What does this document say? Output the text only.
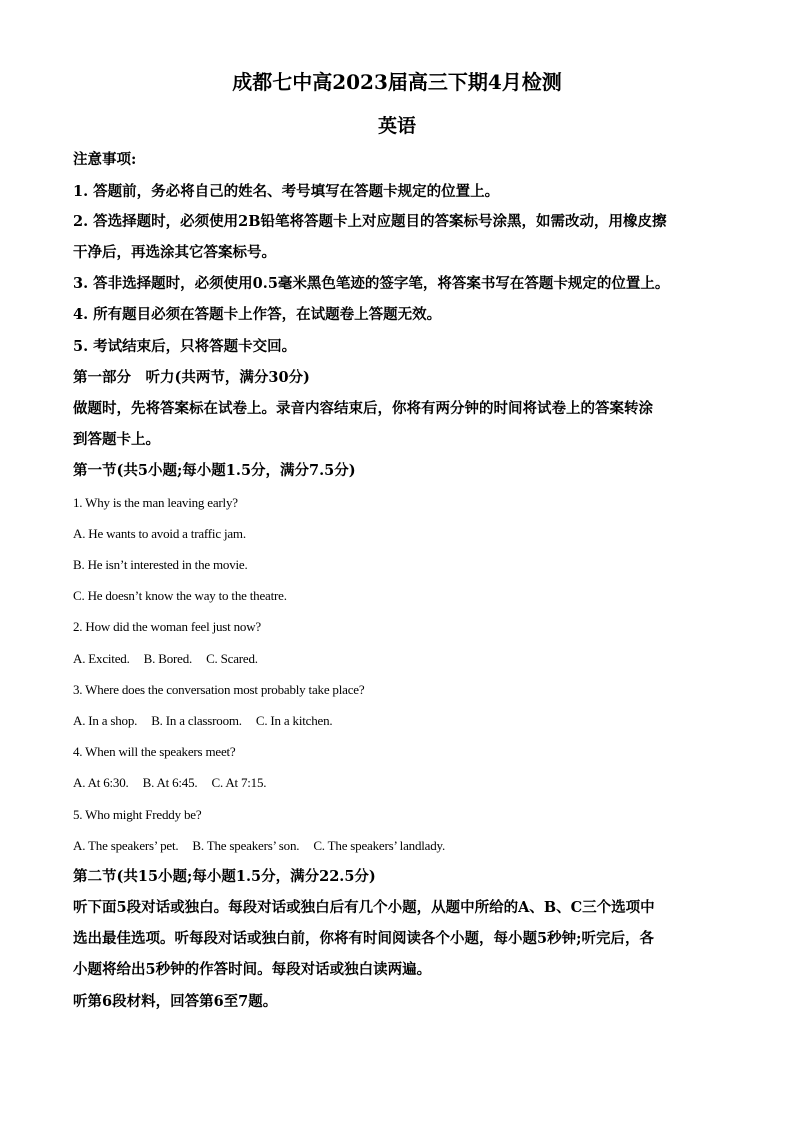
成都七中高2023届高三下期4月检测
英语
注意事项:
1. 答题前，务必将自己的姓名、考号填写在答题卡规定的位置上。
2. 答选择题时，必须使用2B铅笔将答题卡上对应题目的答案标号涂黑，如需改动，用橡皮擦
干净后，再选涂其它答案标号。
3. 答非选择题时，必须使用0.5毫米黑色笔迹的签字笔，将答案书写在答题卡规定的位置上。
4. 所有题目必须在答题卡上作答，在试题卷上答题无效。
5. 考试结束后，只将答题卡交回。
第一部分　听力(共两节，满分30分)
做题时，先将答案标在试卷上。录音内容结束后，你将有两分钟的时间将试卷上的答案转涂
到答题卡上。
第一节(共5小题;每小题1.5分，满分7.5分)
1. Why is the man leaving early?
A. He wants to avoid a traffic jam.
B. He isn’t interested in the movie.
C. He doesn’t know the way to the theatre.
2. How did the woman feel just now?
A. Excited. B. Bored. C. Scared.
3. Where does the conversation most probably take place?
A. In a shop. B. In a classroom. C. In a kitchen.
4. When will the speakers meet?
A. At 6:30. B. At 6:45. C. At 7:15.
5. Who might Freddy be?
A. The speakers’ pet. B. The speakers’ son. C. The speakers’ landlady.
第二节(共15小题;每小题1.5分，满分22.5分)
听下面5段对话或独白。每段对话或独白后有几个小题，从题中所给的A、B、C三个选项中
选出最佳选项。听每段对话或独白前，你将有时间阅读各个小题，每小题5秒钟;听完后，各
小题将给出5秒钟的作答时间。每段对话或独白读两遍。
听第6段材料，回答第6至7题。
